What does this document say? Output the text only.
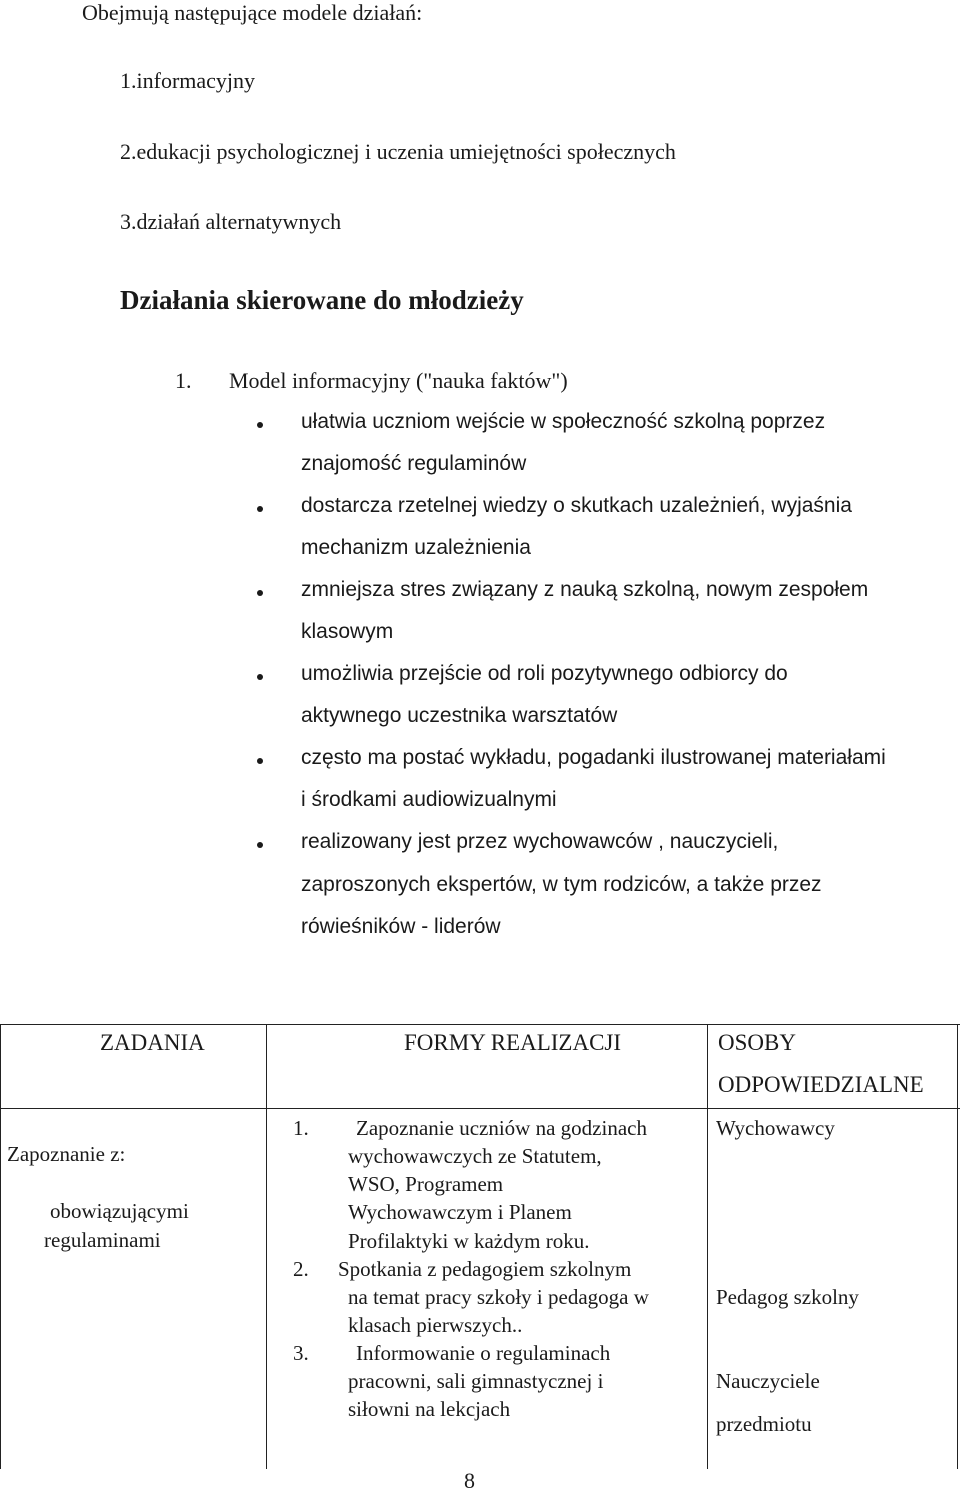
Obejmują następujące modele działań:
1.informacyjny
2.edukacji psychologicznej i uczenia umiejętności społecznych
3.działań alternatywnych
Działania skierowane do młodzieży
1. Model informacyjny ("nauka faktów")
ułatwia uczniom wejście w społeczność szkolną poprzez
znajomość regulaminów
dostarcza rzetelnej wiedzy o skutkach uzależnień, wyjaśnia
mechanizm uzależnienia
zmniejsza stres związany z nauką szkolną, nowym zespołem
klasowym
umożliwia przejście od roli pozytywnego odbiorcy do
aktywnego uczestnika warsztatów
często ma postać wykładu, pogadanki ilustrowanej materiałami
i środkami audiowizualnymi
realizowany jest przez wychowawców , nauczycieli,
zaproszonych ekspertów, w tym rodziców, a także przez
rówieśników - liderów
ZADANIA	FORMY REALIZACJI	OSOBY
ODPOWIEDZIALNE
Zapoznanie z:
obowiązującymi
regulaminami
1. Zapoznanie uczniów na godzinach
wychowawczych ze Statutem,
WSO, Programem
Wychowawczym i Planem
Profilaktyki w każdym roku.
2. Spotkania z pedagogiem szkolnym
na temat pracy szkoły i pedagoga w
klasach pierwszych..
3. Informowanie o regulaminach
pracowni, sali gimnastycznej i
siłowni na lekcjach
Wychowawcy
Pedagog szkolny
Nauczyciele
przedmiotu
8
